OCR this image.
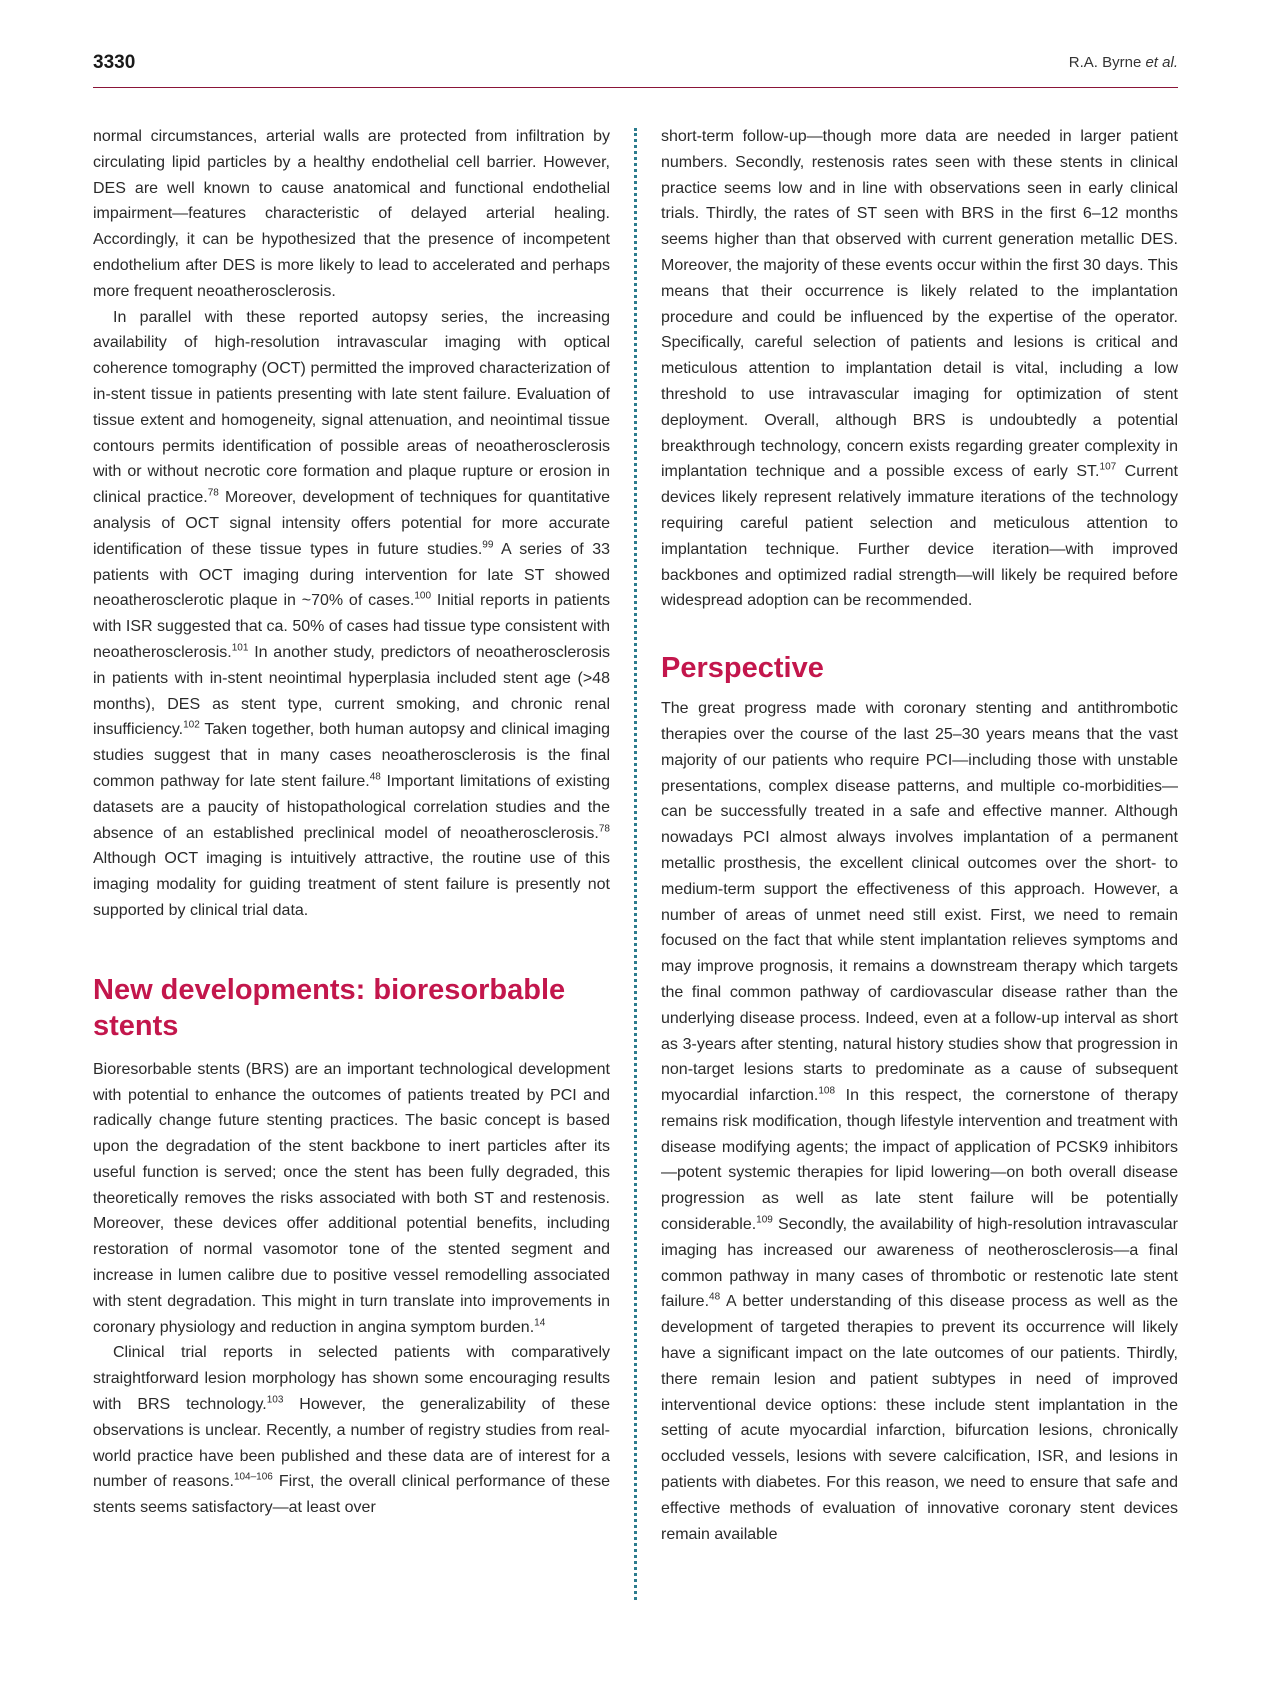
3330	R.A. Byrne et al.

normal circumstances, arterial walls are protected from infiltration by circulating lipid particles by a healthy endothelial cell barrier. However, DES are well known to cause anatomical and functional endothelial impairment—features characteristic of delayed arterial healing. Accordingly, it can be hypothesized that the presence of incompetent endothelium after DES is more likely to lead to accelerated and perhaps more frequent neoatherosclerosis.

In parallel with these reported autopsy series, the increasing availability of high-resolution intravascular imaging with optical coherence tomography (OCT) permitted the improved characterization of in-stent tissue in patients presenting with late stent failure. Evaluation of tissue extent and homogeneity, signal attenuation, and neointimal tissue contours permits identification of possible areas of neoatherosclerosis with or without necrotic core formation and plaque rupture or erosion in clinical practice.$^{78}$ Moreover, development of techniques for quantitative analysis of OCT signal intensity offers potential for more accurate identification of these tissue types in future studies.$^{99}$ A series of 33 patients with OCT imaging during intervention for late ST showed neoatherosclerotic plaque in ~70% of cases.$^{100}$ Initial reports in patients with ISR suggested that ca. 50% of cases had tissue type consistent with neoatherosclerosis.$^{101}$ In another study, predictors of neoatherosclerosis in patients with in-stent neointimal hyperplasia included stent age (>48 months), DES as stent type, current smoking, and chronic renal insufficiency.$^{102}$ Taken together, both human autopsy and clinical imaging studies suggest that in many cases neoatherosclerosis is the final common pathway for late stent failure.$^{48}$ Important limitations of existing datasets are a paucity of histopathological correlation studies and the absence of an established preclinical model of neoatherosclerosis.$^{78}$ Although OCT imaging is intuitively attractive, the routine use of this imaging modality for guiding treatment of stent failure is presently not supported by clinical trial data.

New developments: bioresorbable stents

Bioresorbable stents (BRS) are an important technological development with potential to enhance the outcomes of patients treated by PCI and radically change future stenting practices. The basic concept is based upon the degradation of the stent backbone to inert particles after its useful function is served; once the stent has been fully degraded, this theoretically removes the risks associated with both ST and restenosis. Moreover, these devices offer additional potential benefits, including restoration of normal vasomotor tone of the stented segment and increase in lumen calibre due to positive vessel remodelling associated with stent degradation. This might in turn translate into improvements in coronary physiology and reduction in angina symptom burden.$^{14}$

Clinical trial reports in selected patients with comparatively straightforward lesion morphology has shown some encouraging results with BRS technology.$^{103}$ However, the generalizability of these observations is unclear. Recently, a number of registry studies from real-world practice have been published and these data are of interest for a number of reasons.$^{104-106}$ First, the overall clinical performance of these stents seems satisfactory—at least over

short-term follow-up—though more data are needed in larger patient numbers. Secondly, restenosis rates seen with these stents in clinical practice seems low and in line with observations seen in early clinical trials. Thirdly, the rates of ST seen with BRS in the first 6–12 months seems higher than that observed with current generation metallic DES. Moreover, the majority of these events occur within the first 30 days. This means that their occurrence is likely related to the implantation procedure and could be influenced by the expertise of the operator. Specifically, careful selection of patients and lesions is critical and meticulous attention to implantation detail is vital, including a low threshold to use intravascular imaging for optimization of stent deployment. Overall, although BRS is undoubtedly a potential breakthrough technology, concern exists regarding greater complexity in implantation technique and a possible excess of early ST.$^{107}$ Current devices likely represent relatively immature iterations of the technology requiring careful patient selection and meticulous attention to implantation technique. Further device iteration—with improved backbones and optimized radial strength—will likely be required before widespread adoption can be recommended.

Perspective

The great progress made with coronary stenting and antithrombotic therapies over the course of the last 25–30 years means that the vast majority of our patients who require PCI—including those with unstable presentations, complex disease patterns, and multiple co-morbidities—can be successfully treated in a safe and effective manner. Although nowadays PCI almost always involves implantation of a permanent metallic prosthesis, the excellent clinical outcomes over the short- to medium-term support the effectiveness of this approach. However, a number of areas of unmet need still exist. First, we need to remain focused on the fact that while stent implantation relieves symptoms and may improve prognosis, it remains a downstream therapy which targets the final common pathway of cardiovascular disease rather than the underlying disease process. Indeed, even at a follow-up interval as short as 3-years after stenting, natural history studies show that progression in non-target lesions starts to predominate as a cause of subsequent myocardial infarction.$^{108}$ In this respect, the cornerstone of therapy remains risk modification, though lifestyle intervention and treatment with disease modifying agents; the impact of application of PCSK9 inhibitors—potent systemic therapies for lipid lowering—on both overall disease progression as well as late stent failure will be potentially considerable.$^{109}$ Secondly, the availability of high-resolution intravascular imaging has increased our awareness of neotherosclerosis—a final common pathway in many cases of thrombotic or restenotic late stent failure.$^{48}$ A better understanding of this disease process as well as the development of targeted therapies to prevent its occurrence will likely have a significant impact on the late outcomes of our patients. Thirdly, there remain lesion and patient subtypes in need of improved interventional device options: these include stent implantation in the setting of acute myocardial infarction, bifurcation lesions, chronically occluded vessels, lesions with severe calcification, ISR, and lesions in patients with diabetes. For this reason, we need to ensure that safe and effective methods of evaluation of innovative coronary stent devices remain available
